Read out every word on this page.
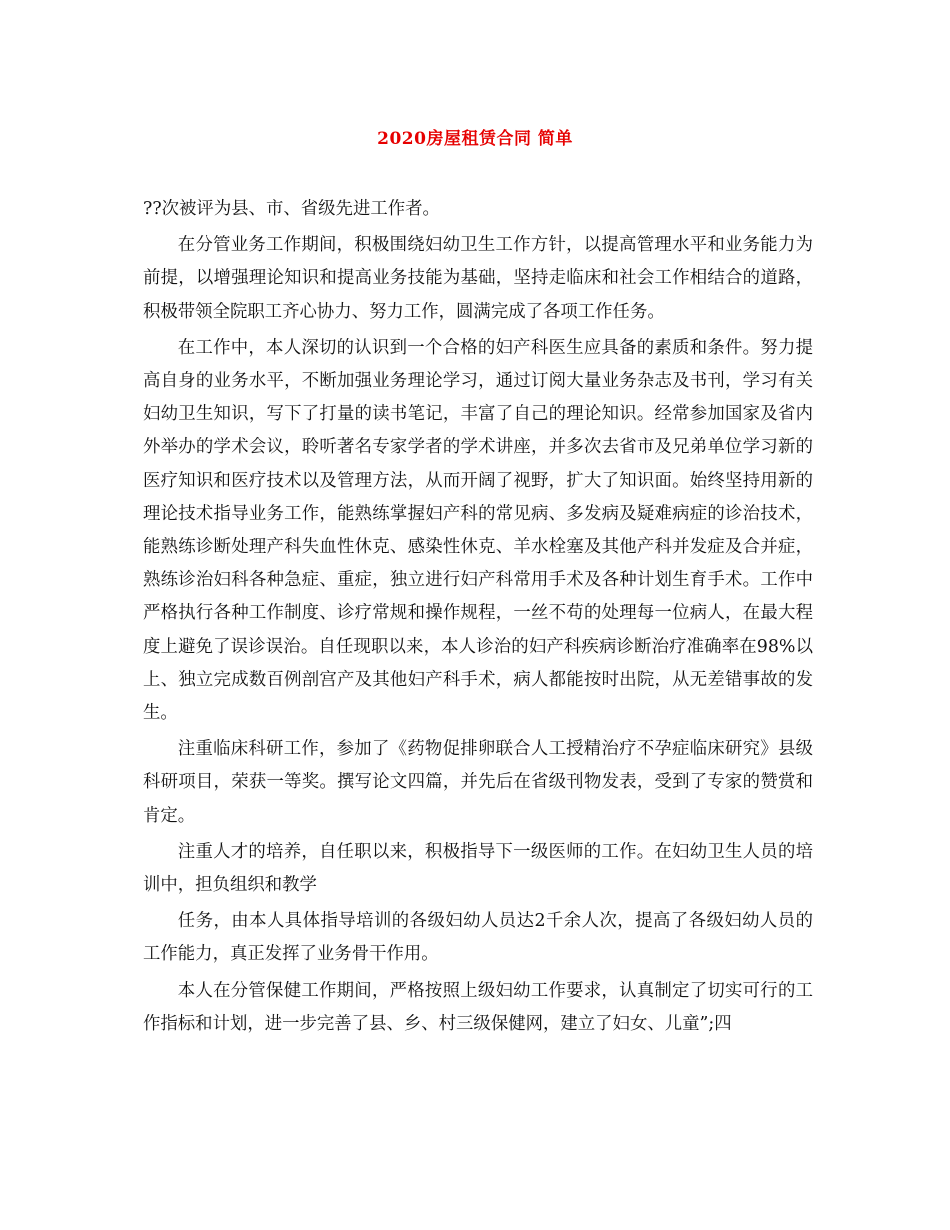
2020房屋租赁合同 简单

??次被评为县、市、省级先进工作者。

在分管业务工作期间，积极围绕妇幼卫生工作方针，以提高管理水平和业务能力为前提，以增强理论知识和提高业务技能为基础，坚持走临床和社会工作相结合的道路，积极带领全院职工齐心协力、努力工作，圆满完成了各项工作任务。

在工作中，本人深切的认识到一个合格的妇产科医生应具备的素质和条件。努力提高自身的业务水平，不断加强业务理论学习，通过订阅大量业务杂志及书刊，学习有关妇幼卫生知识，写下了打量的读书笔记，丰富了自己的理论知识。经常参加国家及省内外举办的学术会议，聆听著名专家学者的学术讲座，并多次去省市及兄弟单位学习新的医疗知识和医疗技术以及管理方法，从而开阔了视野，扩大了知识面。始终坚持用新的理论技术指导业务工作，能熟练掌握妇产科的常见病、多发病及疑难病症的诊治技术，能熟练诊断处理产科失血性休克、感染性休克、羊水栓塞及其他产科并发症及合并症，熟练诊治妇科各种急症、重症，独立进行妇产科常用手术及各种计划生育手术。工作中严格执行各种工作制度、诊疗常规和操作规程，一丝不苟的处理每一位病人，在最大程度上避免了误诊误治。自任现职以来，本人诊治的妇产科疾病诊断治疗准确率在98%以上、独立完成数百例剖宫产及其他妇产科手术，病人都能按时出院，从无差错事故的发生。

注重临床科研工作，参加了《药物促排卵联合人工授精治疗不孕症临床研究》县级科研项目，荣获一等奖。撰写论文四篇，并先后在省级刊物发表，受到了专家的赞赏和肯定。

注重人才的培养，自任职以来，积极指导下一级医师的工作。在妇幼卫生人员的培训中，担负组织和教学

任务，由本人具体指导培训的各级妇幼人员达2千余人次，提高了各级妇幼人员的工作能力，真正发挥了业务骨干作用。

本人在分管保健工作期间，严格按照上级妇幼工作要求，认真制定了切实可行的工作指标和计划，进一步完善了县、乡、村三级保健网，建立了妇女、儿童”;四
